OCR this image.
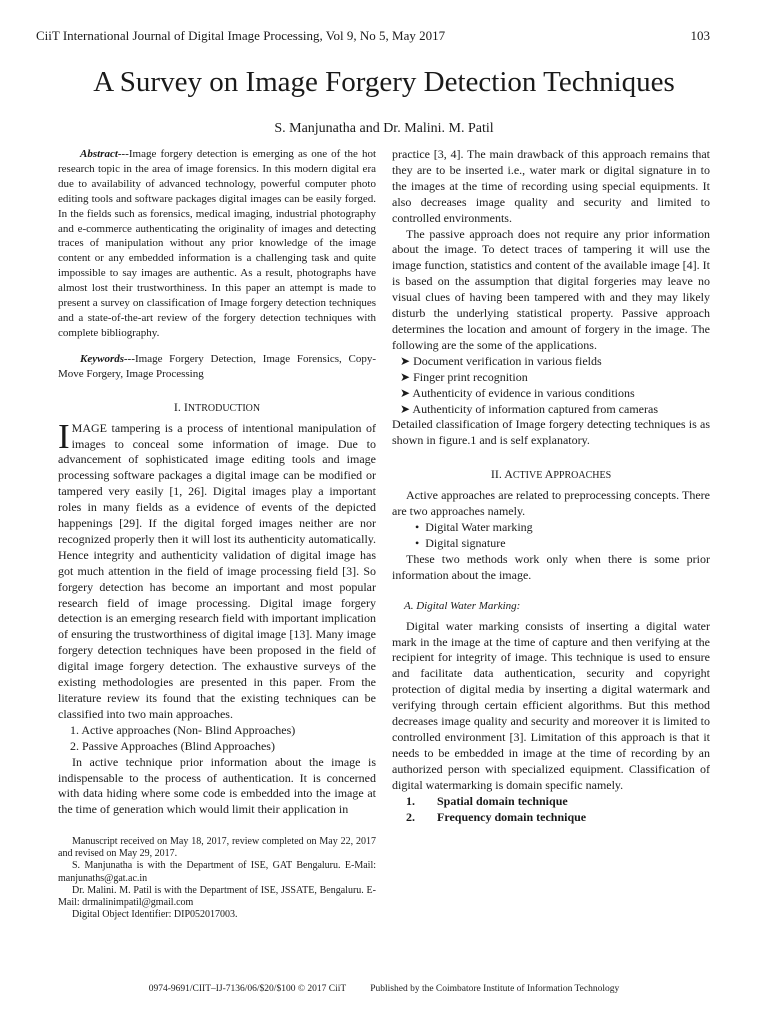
CiiT International Journal of Digital Image Processing, Vol 9, No 5, May 2017	103
A Survey on Image Forgery Detection Techniques
S. Manjunatha and Dr. Malini. M. Patil

Abstract---Image forgery detection is emerging as one of the hot research topic in the area of image forensics. In this modern digital era due to availability of advanced technology, powerful computer photo editing tools and software packages digital images can be easily forged. In the fields such as forensics, medical imaging, industrial photography and e-commerce authenticating the originality of images and detecting traces of manipulation without any prior knowledge of the image content or any embedded information is a challenging task and quite impossible to say images are authentic. As a result, photographs have almost lost their trustworthiness. In this paper an attempt is made to present a survey on classification of Image forgery detection techniques and a state-of-the-art review of the forgery detection techniques with complete bibliography.

Keywords---Image Forgery Detection, Image Forensics, Copy-Move Forgery, Image Processing

I. INTRODUCTION

IMAGE tampering is a process of intentional manipulation of images to conceal some information of image. Due to advancement of sophisticated image editing tools and image processing software packages a digital image can be modified or tampered very easily [1, 26]. Digital images play a important roles in many fields as a evidence of events of the depicted happenings [29]. If the digital forged images neither are nor recognized properly then it will lost its authenticity automatically. Hence integrity and authenticity validation of digital image has got much attention in the field of image processing field [3]. So forgery detection has become an important and most popular research field of image processing. Digital image forgery detection is an emerging research field with important implication of ensuring the trustworthiness of digital image [13]. Many image forgery detection techniques have been proposed in the field of digital image forgery detection. The exhaustive surveys of the existing methodologies are presented in this paper. From the literature review its found that the existing techniques can be classified into two main approaches.

1. Active approaches (Non- Blind Approaches)
2. Passive Approaches (Blind Approaches)

In active technique prior information about the image is indispensable to the process of authentication. It is concerned with data hiding where some code is embedded into the image at the time of generation which would limit their application in

Manuscript received on May 18, 2017, review completed on May 22, 2017 and revised on May 29, 2017.

S. Manjunatha is with the Department of ISE, GAT Bengaluru. E-Mail: manjunaths@gat.ac.in

Dr. Malini. M. Patil is with the Department of ISE, JSSATE, Bengaluru. E-Mail: drmalinimpatil@gmail.com

Digital Object Identifier: DIP052017003.

practice [3, 4]. The main drawback of this approach remains that they are to be inserted i.e., water mark or digital signature in to the images at the time of recording using special equipments. It also decreases image quality and security and limited to controlled environments.

The passive approach does not require any prior information about the image. To detect traces of tampering it will use the image function, statistics and content of the available image [4]. It is based on the assumption that digital forgeries may leave no visual clues of having been tampered with and they may likely disturb the underlying statistical property. Passive approach determines the location and amount of forgery in the image. The following are the some of the applications.

➤ Document verification in various fields
➤ Finger print recognition
➤ Authenticity of evidence in various conditions
➤ Authenticity of information captured from cameras

Detailed classification of Image forgery detecting techniques is as shown in figure.1 and is self explanatory.

II. ACTIVE APPROACHES

Active approaches are related to preprocessing concepts. There are two approaches namely.

• Digital Water marking
• Digital signature

These two methods work only when there is some prior information about the image.

A. Digital Water Marking:

Digital water marking consists of inserting a digital water mark in the image at the time of capture and then verifying at the recipient for integrity of image. This technique is used to ensure and facilitate data authentication, security and copyright protection of digital media by inserting a digital watermark and verifying through certain efficient algorithms. But this method decreases image quality and security and moreover it is limited to controlled environment [3]. Limitation of this approach is that it needs to be embedded in image at the time of recording by an authorized person with specialized equipment. Classification of digital watermarking is domain specific namely.

1. Spatial domain technique
2. Frequency domain technique
0974-9691/CIIT–IJ-7136/06/$20/$100 © 2017 CiiT	Published by the Coimbatore Institute of Information Technology
